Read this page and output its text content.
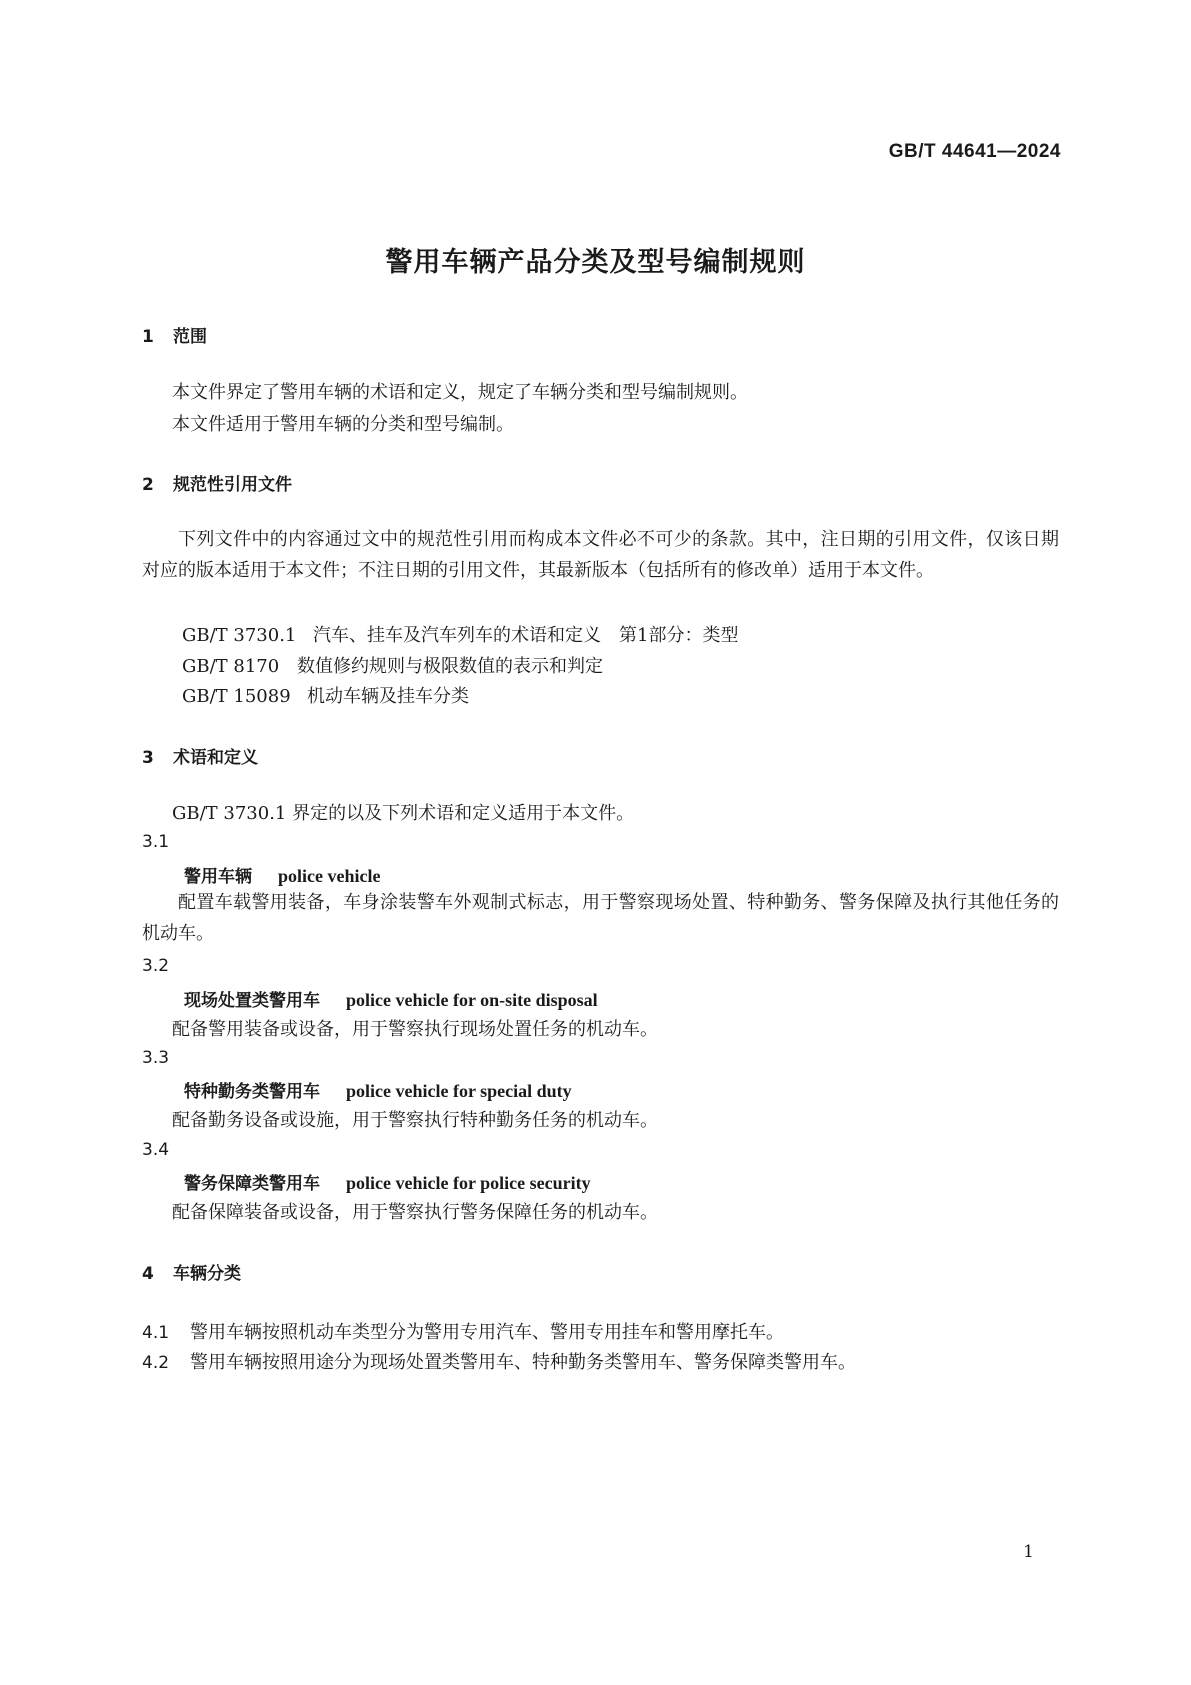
GB/T 44641—2024
警用车辆产品分类及型号编制规则
1 范围
本文件界定了警用车辆的术语和定义，规定了车辆分类和型号编制规则。
本文件适用于警用车辆的分类和型号编制。
2 规范性引用文件
下列文件中的内容通过文中的规范性引用而构成本文件必不可少的条款。其中，注日期的引用文件，仅该日期对应的版本适用于本文件；不注日期的引用文件，其最新版本（包括所有的修改单）适用于本文件。
GB/T 3730.1 汽车、挂车及汽车列车的术语和定义　第1部分：类型
GB/T 8170 数值修约规则与极限数值的表示和判定
GB/T 15089 机动车辆及挂车分类
3 术语和定义
GB/T 3730.1 界定的以及下列术语和定义适用于本文件。
3.1
警用车辆 police vehicle
配置车载警用装备，车身涂装警车外观制式标志，用于警察现场处置、特种勤务、警务保障及执行其他任务的机动车。
3.2
现场处置类警用车 police vehicle for on-site disposal
配备警用装备或设备，用于警察执行现场处置任务的机动车。
3.3
特种勤务类警用车 police vehicle for special duty
配备勤务设备或设施，用于警察执行特种勤务任务的机动车。
3.4
警务保障类警用车 police vehicle for police security
配备保障装备或设备，用于警察执行警务保障任务的机动车。
4 车辆分类
4.1 警用车辆按照机动车类型分为警用专用汽车、警用专用挂车和警用摩托车。
4.2 警用车辆按照用途分为现场处置类警用车、特种勤务类警用车、警务保障类警用车。
1
